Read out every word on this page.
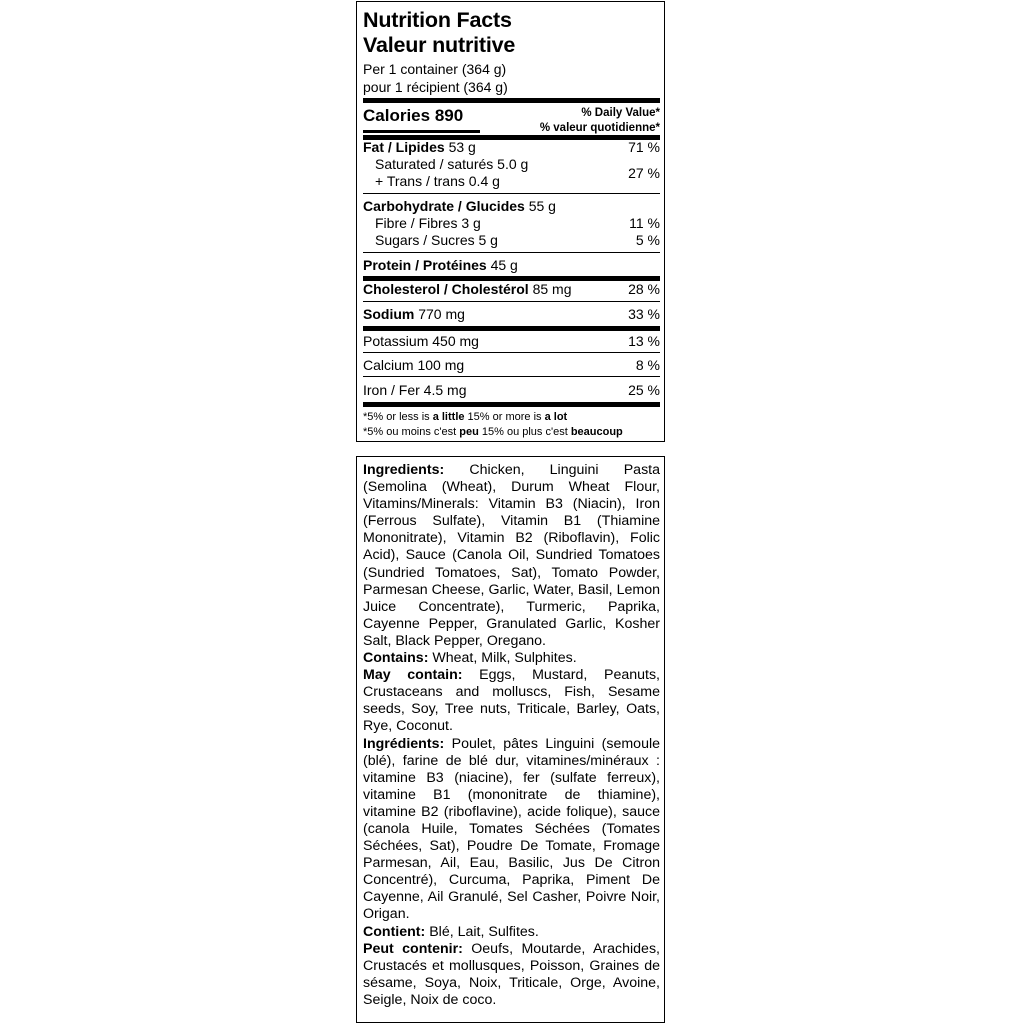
Nutrition Facts
Valeur nutritive
Per 1 container (364 g)
pour 1 récipient (364 g)
Calories 890	% Daily Value*
% valeur quotidienne*
Fat / Lipides 53 g	71 %
Saturated / saturés 5.0 g
+ Trans / trans 0.4 g	27 %
Carbohydrate / Glucides 55 g
Fibre / Fibres 3 g	11 %
Sugars / Sucres 5 g	5 %
Protein / Protéines 45 g
Cholesterol / Cholestérol 85 mg	28 %
Sodium 770 mg	33 %
Potassium 450 mg	13 %
Calcium 100 mg	8 %
Iron / Fer 4.5 mg	25 %
*5% or less is a little 15% or more is a lot
*5% ou moins c'est peu 15% ou plus c'est beaucoup

Ingredients: Chicken, Linguini Pasta (Semolina (Wheat), Durum Wheat Flour, Vitamins/Minerals: Vitamin B3 (Niacin), Iron (Ferrous Sulfate), Vitamin B1 (Thiamine Mononitrate), Vitamin B2 (Riboflavin), Folic Acid), Sauce (Canola Oil, Sundried Tomatoes (Sundried Tomatoes, Sat), Tomato Powder, Parmesan Cheese, Garlic, Water, Basil, Lemon Juice Concentrate), Turmeric, Paprika, Cayenne Pepper, Granulated Garlic, Kosher Salt, Black Pepper, Oregano.

Contains: Wheat, Milk, Sulphites.

May contain: Eggs, Mustard, Peanuts, Crustaceans and molluscs, Fish, Sesame seeds, Soy, Tree nuts, Triticale, Barley, Oats, Rye, Coconut.

Ingrédients: Poulet, pâtes Linguini (semoule (blé), farine de blé dur, vitamines/minéraux : vitamine B3 (niacine), fer (sulfate ferreux), vitamine B1 (mononitrate de thiamine), vitamine B2 (riboflavine), acide folique), sauce (canola Huile, Tomates Séchées (Tomates Séchées, Sat), Poudre De Tomate, Fromage Parmesan, Ail, Eau, Basilic, Jus De Citron Concentré), Curcuma, Paprika, Piment De Cayenne, Ail Granulé, Sel Casher, Poivre Noir, Origan.

Contient: Blé, Lait, Sulfites.

Peut contenir: Oeufs, Moutarde, Arachides, Crustacés et mollusques, Poisson, Graines de sésame, Soya, Noix, Triticale, Orge, Avoine, Seigle, Noix de coco.
